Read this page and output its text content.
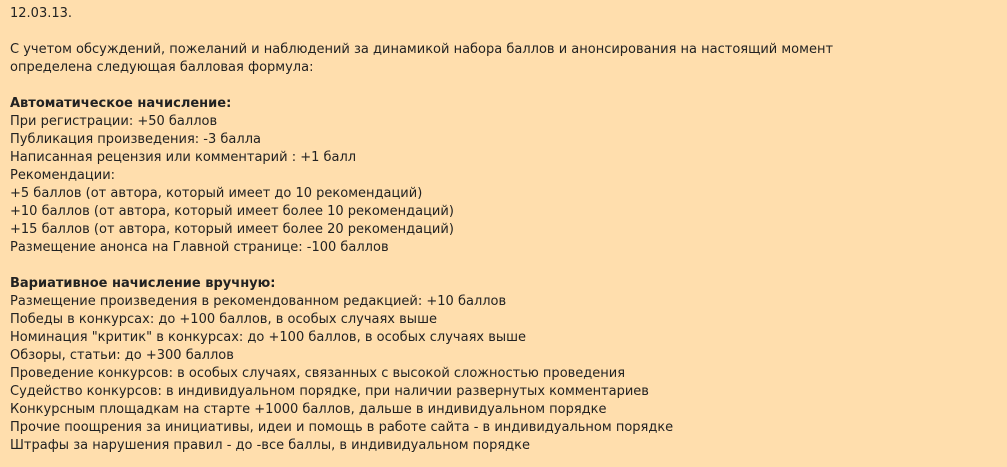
12.03.13.
С учетом обсуждений, пожеланий и наблюдений за динамикой набора баллов и анонсирования на настоящий момент
определена следующая балловая формула:
Автоматическое начисление:
При регистрации: +50 баллов
Публикация произведения: -3 балла
Написанная рецензия или комментарий : +1 балл
Рекомендации:
+5 баллов (от автора, который имеет до 10 рекомендаций)
+10 баллов (от автора, который имеет более 10 рекомендаций)
+15 баллов (от автора, который имеет более 20 рекомендаций)
Размещение анонса на Главной странице: -100 баллов
Вариативное начисление вручную:
Размещение произведения в рекомендованном редакцией: +10 баллов
Победы в конкурсах: до +100 баллов, в особых случаях выше
Номинация "критик" в конкурсах: до +100 баллов, в особых случаях выше
Обзоры, статьи: до +300 баллов
Проведение конкурсов: в особых случаях, связанных с высокой сложностью проведения
Судейство конкурсов: в индивидуальном порядке, при наличии развернутых комментариев
Конкурсным площадкам на старте +1000 баллов, дальше в индивидуальном порядке
Прочие поощрения за инициативы, идеи и помощь в работе сайта - в индивидуальном порядке
Штрафы за нарушения правил - до -все баллы, в индивидуальном порядке
